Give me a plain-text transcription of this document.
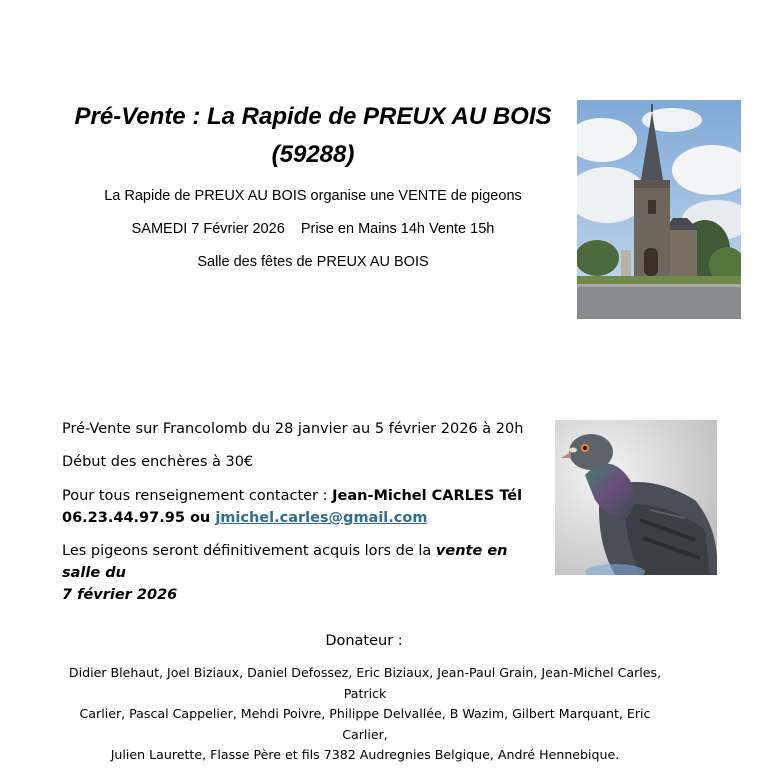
Pré-Vente : La Rapide de PREUX AU BOIS
(59288)
La Rapide de PREUX AU BOIS organise une VENTE de pigeons
SAMEDI 7 Février 2026    Prise en Mains 14h Vente 15h
Salle des fêtes de PREUX AU BOIS
Pré-Vente sur Francolomb du 28 janvier au 5 février 2026 à 20h
Début des enchères à 30€
Pour tous renseignement contacter : Jean-Michel CARLES Tél
06.23.44.97.95 ou jmichel.carles@gmail.com
Les pigeons seront définitivement acquis lors de la vente en salle du
7 février 2026
Donateur :
Didier Blehaut, Joel Biziaux, Daniel Defossez, Eric Biziaux, Jean-Paul Grain, Jean-Michel Carles, Patrick
Carlier, Pascal Cappelier, Mehdi Poivre, Philippe Delvallée, B Wazim, Gilbert Marquant, Eric Carlier,
Julien Laurette, Flasse Père et fils 7382 Audregnies Belgique, André Hennebique.
